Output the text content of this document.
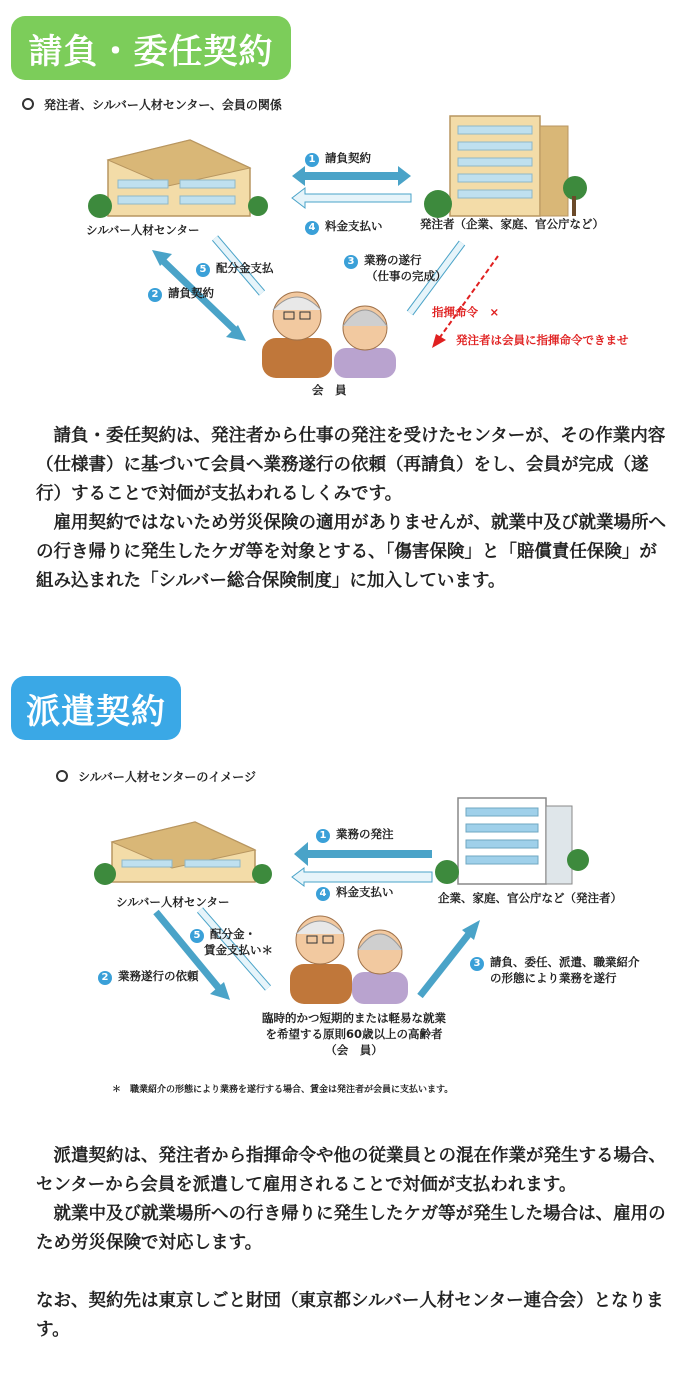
請負・委任契約
発注者、シルバー人材センター、会員の関係
シルバー人材センター	発注者（企業、家庭、官公庁など）
1 請負契約
4 料金支払い
5 配分金支払
2 請負契約
3 業務の遂行
（仕事の完成）
指揮命令　×
発注者は会員に指揮命令できませ
会　員

請負・委任契約は、発注者から仕事の発注を受けたセンターが、その作業内容（仕様書）に基づいて会員へ業務遂行の依頼（再請負）をし、会員が完成（遂行）することで対価が支払われるしくみです。

雇用契約ではないため労災保険の適用がありませんが、就業中及び就業場所への行き帰りに発生したケガ等を対象とする、「傷害保険」と「賠償責任保険」が組み込まれた「シルバー総合保険制度」に加入しています。

派遣契約
シルバー人材センターのイメージ
シルバー人材センター	企業、家庭、官公庁など（発注者）
1 業務の発注
4 料金支払い
5 配分金・
賃金支払い＊
2 業務遂行の依頼
3 請負、委任、派遣、職業紹介
の形態により業務を遂行
臨時的かつ短期的または軽易な就業
を希望する原則60歳以上の高齢者
（会　員）
＊　職業紹介の形態により業務を遂行する場合、賃金は発注者が会員に支払います。

派遣契約は、発注者から指揮命令や他の従業員との混在作業が発生する場合、センターから会員を派遣して雇用されることで対価が支払われます。

就業中及び就業場所への行き帰りに発生したケガ等が発生した場合は、雇用のため労災保険で対応します。

なお、契約先は東京しごと財団（東京都シルバー人材センター連合会）となります。
